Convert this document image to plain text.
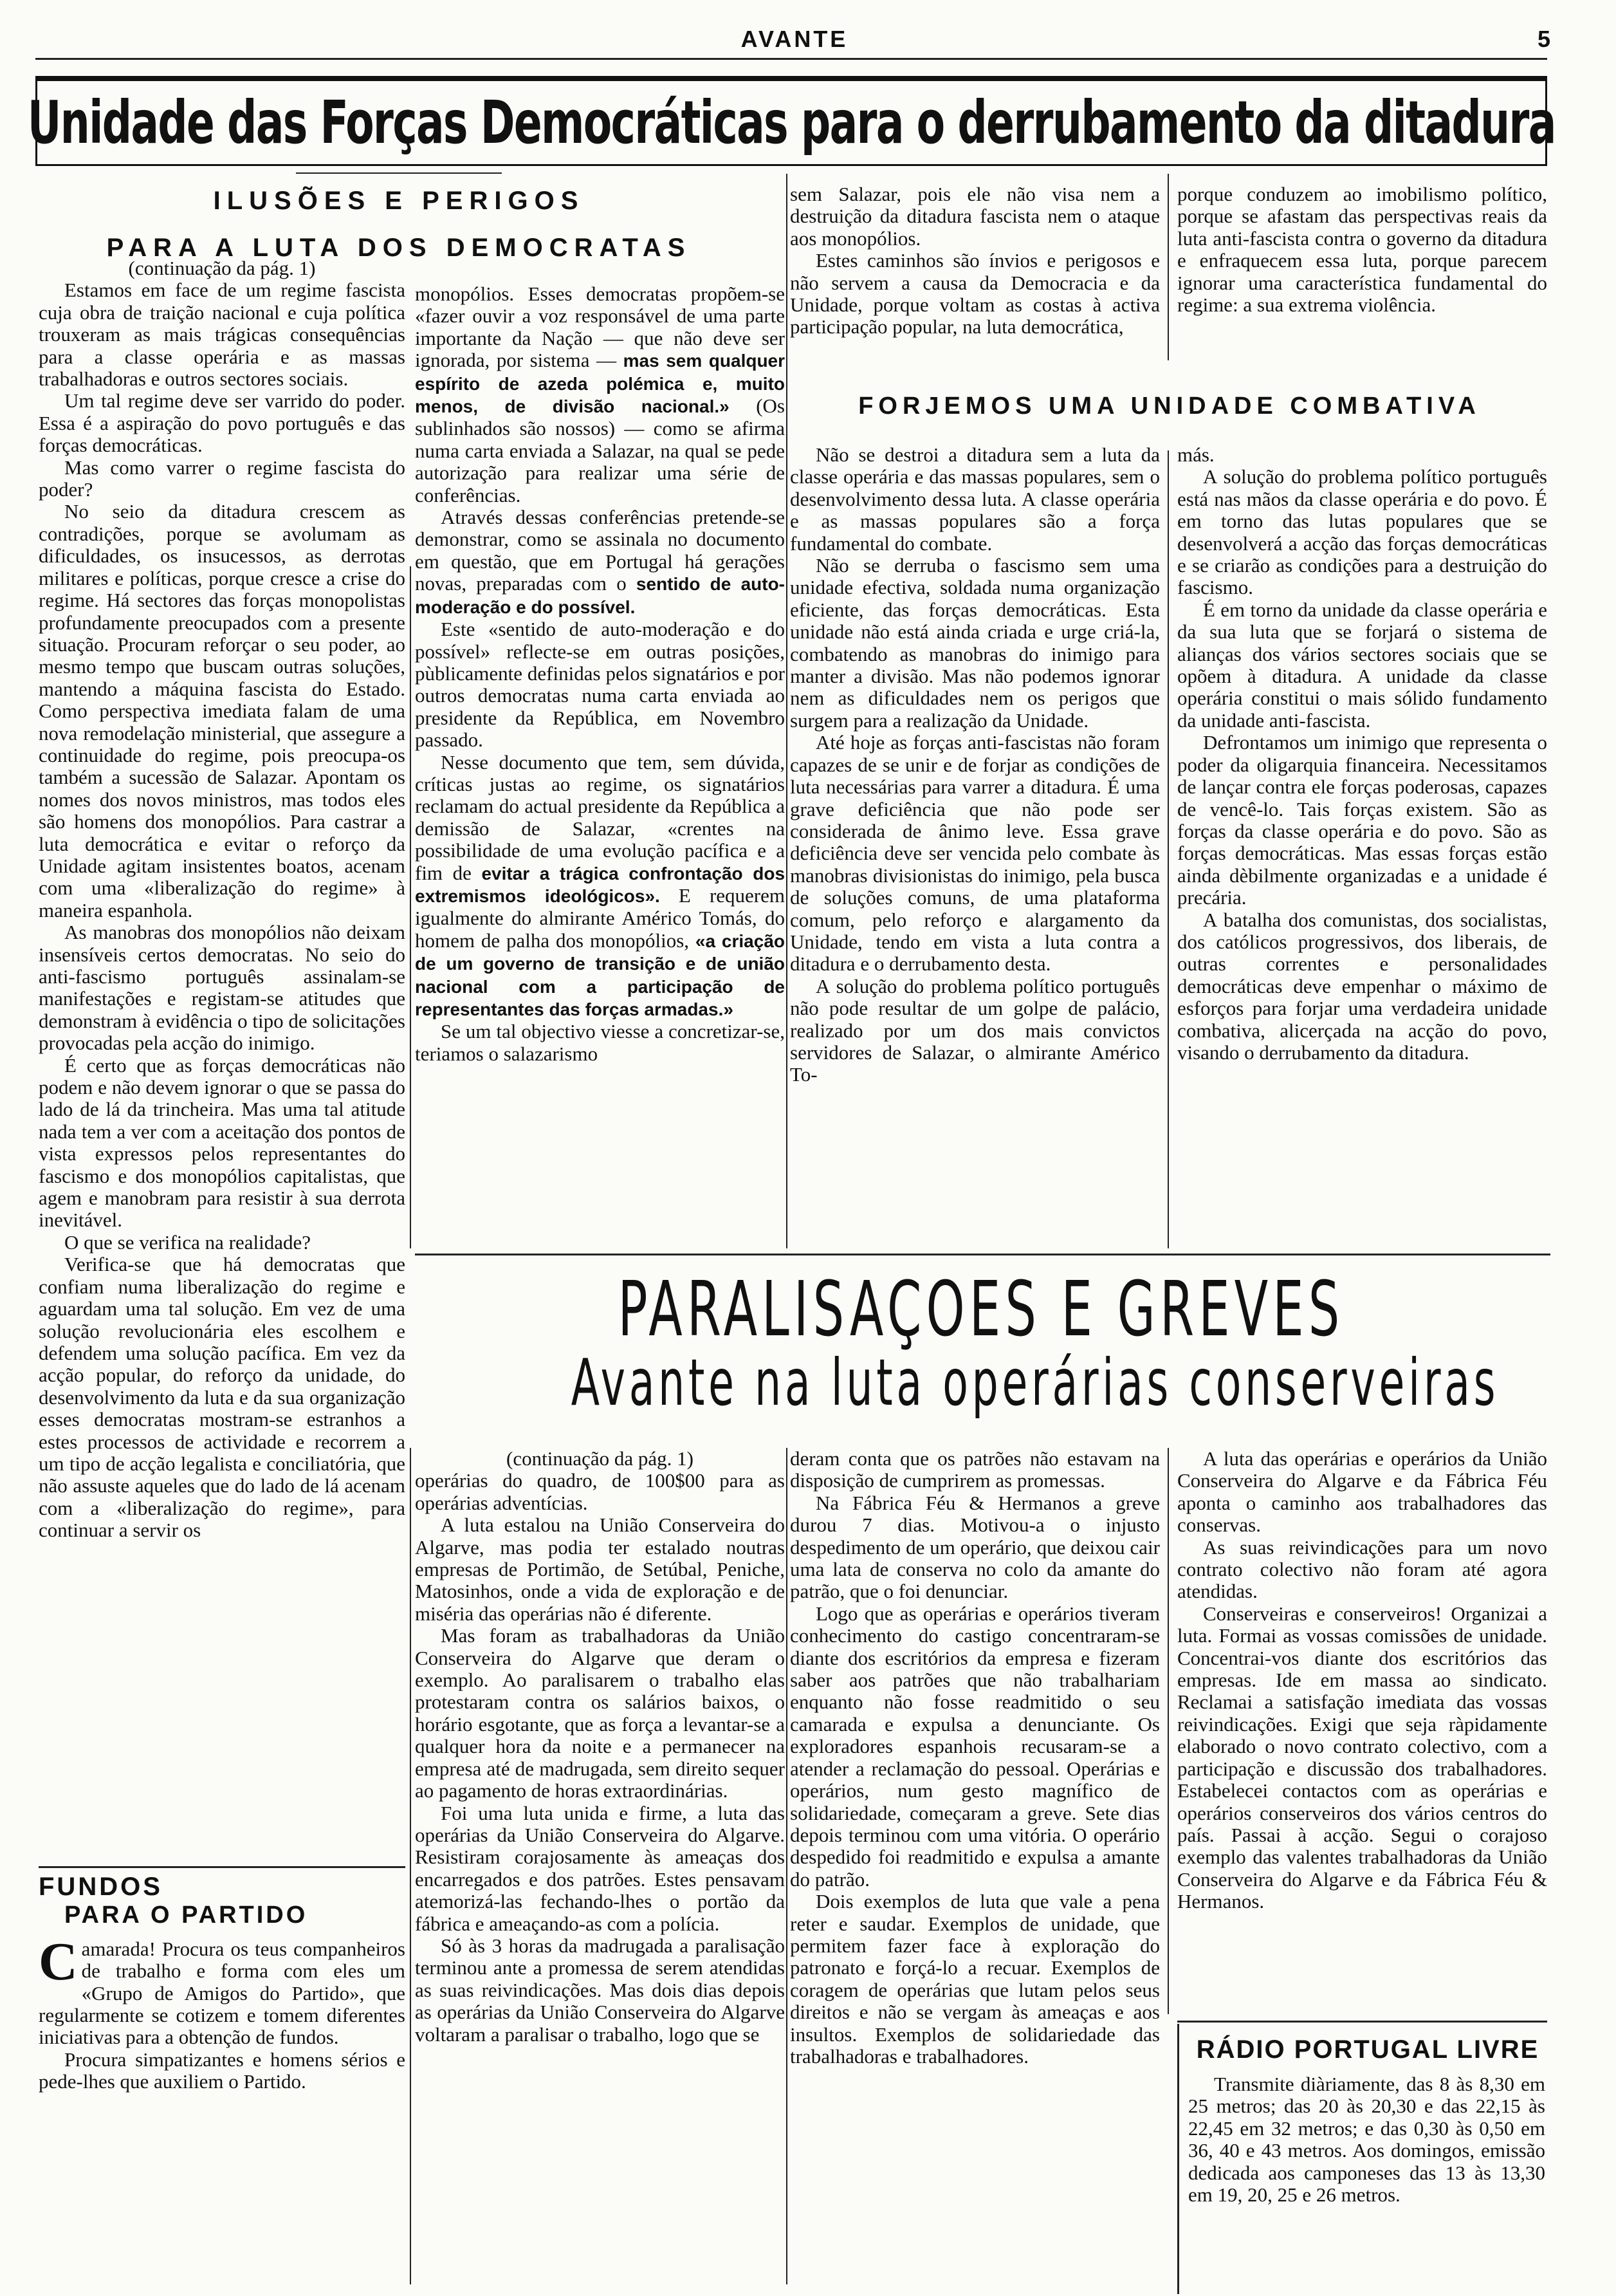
AVANTE	5
Unidade das Forças Democráticas para o derrubamento da ditadura
ILUSÕES E PERIGOS
PARA A LUTA DOS DEMOCRATAS

(continuação da pág. 1)

Estamos em face de um regime fascista cuja obra de traição nacional e cuja política trouxeram as mais trágicas consequências para a classe operária e as massas trabalhadoras e outros sectores sociais.

Um tal regime deve ser varrido do poder. Essa é a aspiração do povo português e das forças democráticas.

Mas como varrer o regime fascista do poder?

No seio da ditadura crescem as contradições, porque se avolumam as dificuldades, os insucessos, as derrotas militares e políticas, porque cresce a crise do regime. Há sectores das forças monopolistas profundamente preocupados com a presente situação. Procuram reforçar o seu poder, ao mesmo tempo que buscam outras soluções, mantendo a máquina fascista do Estado. Como perspectiva imediata falam de uma nova remodelação ministerial, que assegure a continuidade do regime, pois preocupa-os também a sucessão de Salazar. Apontam os nomes dos novos ministros, mas todos eles são homens dos monopólios. Para castrar a luta democrática e evitar o reforço da Unidade agitam insistentes boatos, acenam com uma «liberalização do regime» à maneira espanhola.

As manobras dos monopólios não deixam insensíveis certos democratas. No seio do anti-fascismo português assinalam-se manifestações e registam-se atitudes que demonstram à evidência o tipo de solicitações provocadas pela acção do inimigo.

É certo que as forças democráticas não podem e não devem ignorar o que se passa do lado de lá da trincheira. Mas uma tal atitude nada tem a ver com a aceitação dos pontos de vista expressos pelos representantes do fascismo e dos monopólios capitalistas, que agem e manobram para resistir à sua derrota inevitável.

O que se verifica na realidade?

Verifica-se que há democratas que confiam numa liberalização do regime e aguardam uma tal solução. Em vez de uma solução revolucionária eles escolhem e defendem uma solução pacífica. Em vez da acção popular, do reforço da unidade, do desenvolvimento da luta e da sua organização esses democratas mostram-se estranhos a estes processos de actividade e recorrem a um tipo de acção legalista e conciliatória, que não assuste aqueles que do lado de lá acenam com a «liberalização do regime», para continuar a servir os

FUNDOS
PARA O PARTIDO

Camarada! Procura os teus companheiros de trabalho e forma com eles um «Grupo de Amigos do Partido», que regularmente se cotizem e tomem diferentes iniciativas para a obtenção de fundos.

Procura simpatizantes e homens sérios e pede-lhes que auxiliem o Partido.

monopólios. Esses democratas propõem-se «fazer ouvir a voz responsável de uma parte importante da Nação — que não deve ser ignorada, por sistema — mas sem qualquer espírito de azeda polémica e, muito menos, de divisão nacional.» (Os sublinhados são nossos) — como se afirma numa carta enviada a Salazar, na qual se pede autorização para realizar uma série de conferências.

Através dessas conferências pretende-se demonstrar, como se assinala no documento em questão, que em Portugal há gerações novas, preparadas com o sentido de auto-moderação e do possível.

Este «sentido de auto-moderação e do possível» reflecte-se em outras posições, pùblicamente definidas pelos signatários e por outros democratas numa carta enviada ao presidente da República, em Novembro passado.

Nesse documento que tem, sem dúvida, críticas justas ao regime, os signatários reclamam do actual presidente da República a demissão de Salazar, «crentes na possibilidade de uma evolução pacífica e a fim de evitar a trágica confrontação dos extremismos ideológicos». E requerem igualmente do almirante Américo Tomás, do homem de palha dos monopólios, «a criação de um governo de transição e de união nacional com a participação de representantes das forças armadas.»

Se um tal objectivo viesse a concretizar-se, teriamos o salazarismo

sem Salazar, pois ele não visa nem a destruição da ditadura fascista nem o ataque aos monopólios.

Estes caminhos são ínvios e perigosos e não servem a causa da Democracia e da Unidade, porque voltam as costas à activa participação popular, na luta democrática,

porque conduzem ao imobilismo político, porque se afastam das perspectivas reais da luta anti-fascista contra o governo da ditadura e enfraquecem essa luta, porque parecem ignorar uma característica fundamental do regime: a sua extrema violência.

FORJEMOS UMA UNIDADE COMBATIVA

Não se destroi a ditadura sem a luta da classe operária e das massas populares, sem o desenvolvimento dessa luta. A classe operária e as massas populares são a força fundamental do combate.

Não se derruba o fascismo sem uma unidade efectiva, soldada numa organização eficiente, das forças democráticas. Esta unidade não está ainda criada e urge criá-la, combatendo as manobras do inimigo para manter a divisão. Mas não podemos ignorar nem as dificuldades nem os perigos que surgem para a realização da Unidade.

Até hoje as forças anti-fascistas não foram capazes de se unir e de forjar as condições de luta necessárias para varrer a ditadura. É uma grave deficiência que não pode ser considerada de ânimo leve. Essa grave deficiência deve ser vencida pelo combate às manobras divisionistas do inimigo, pela busca de soluções comuns, de uma plataforma comum, pelo reforço e alargamento da Unidade, tendo em vista a luta contra a ditadura e o derrubamento desta.

A solução do problema político português não pode resultar de um golpe de palácio, realizado por um dos mais convictos servidores de Salazar, o almirante Américo To-

más.

A solução do problema político português está nas mãos da classe operária e do povo. É em torno das lutas populares que se desenvolverá a acção das forças democráticas e se criarão as condições para a destruição do fascismo.

É em torno da unidade da classe operária e da sua luta que se forjará o sistema de alianças dos vários sectores sociais que se opõem à ditadura. A unidade da classe operária constitui o mais sólido fundamento da unidade anti-fascista.

Defrontamos um inimigo que representa o poder da oligarquia financeira. Necessitamos de lançar contra ele forças poderosas, capazes de vencê-lo. Tais forças existem. São as forças da classe operária e do povo. São as forças democráticas. Mas essas forças estão ainda dèbilmente organizadas e a unidade é precária.

A batalha dos comunistas, dos socialistas, dos católicos progressivos, dos liberais, de outras correntes e personalidades democráticas deve empenhar o máximo de esforços para forjar uma verdadeira unidade combativa, alicerçada na acção do povo, visando o derrubamento da ditadura.

PARALISAÇOES E GREVES
Avante na luta operárias conserveiras

(continuação da pág. 1)

operárias do quadro, de 100$00 para as operárias adventícias.

A luta estalou na União Conserveira do Algarve, mas podia ter estalado noutras empresas de Portimão, de Setúbal, Peniche, Matosinhos, onde a vida de exploração e de miséria das operárias não é diferente.

Mas foram as trabalhadoras da União Conserveira do Algarve que deram o exemplo. Ao paralisarem o trabalho elas protestaram contra os salários baixos, o horário esgotante, que as força a levantar-se a qualquer hora da noite e a permanecer na empresa até de madrugada, sem direito sequer ao pagamento de horas extraordinárias.

Foi uma luta unida e firme, a luta das operárias da União Conserveira do Algarve. Resistiram corajosamente às ameaças dos encarregados e dos patrões. Estes pensavam atemorizá-las fechando-lhes o portão da fábrica e ameaçando-as com a polícia.

Só às 3 horas da madrugada a paralisação terminou ante a promessa de serem atendidas as suas reivindicações. Mas dois dias depois as operárias da União Conserveira do Algarve voltaram a paralisar o trabalho, logo que se

deram conta que os patrões não estavam na disposição de cumprirem as promessas.

Na Fábrica Féu & Hermanos a greve durou 7 dias. Motivou-a o injusto despedimento de um operário, que deixou cair uma lata de conserva no colo da amante do patrão, que o foi denunciar.

Logo que as operárias e operários tiveram conhecimento do castigo concentraram-se diante dos escritórios da empresa e fizeram saber aos patrões que não trabalhariam enquanto não fosse readmitido o seu camarada e expulsa a denunciante. Os exploradores espanhois recusaram-se a atender a reclamação do pessoal. Operárias e operários, num gesto magnífico de solidariedade, começaram a greve. Sete dias depois terminou com uma vitória. O operário despedido foi readmitido e expulsa a amante do patrão.

Dois exemplos de luta que vale a pena reter e saudar. Exemplos de unidade, que permitem fazer face à exploração do patronato e forçá-lo a recuar. Exemplos de coragem de operárias que lutam pelos seus direitos e não se vergam às ameaças e aos insultos. Exemplos de solidariedade das trabalhadoras e trabalhadores.

A luta das operárias e operários da União Conserveira do Algarve e da Fábrica Féu aponta o caminho aos trabalhadores das conservas.

As suas reivindicações para um novo contrato colectivo não foram até agora atendidas.

Conserveiras e conserveiros! Organizai a luta. Formai as vossas comissões de unidade. Concentrai-vos diante dos escritórios das empresas. Ide em massa ao sindicato. Reclamai a satisfação imediata das vossas reivindicações. Exigi que seja ràpidamente elaborado o novo contrato colectivo, com a participação e discussão dos trabalhadores. Estabelecei contactos com as operárias e operários conserveiros dos vários centros do país. Passai à acção. Segui o corajoso exemplo das valentes trabalhadoras da União Conserveira do Algarve e da Fábrica Féu & Hermanos.

RÁDIO PORTUGAL LIVRE

Transmite diàriamente, das 8 às 8,30 em 25 metros; das 20 às 20,30 e das 22,15 às 22,45 em 32 metros; e das 0,30 às 0,50 em 36, 40 e 43 metros. Aos domingos, emissão dedicada aos camponeses das 13 às 13,30 em 19, 20, 25 e 26 metros.
